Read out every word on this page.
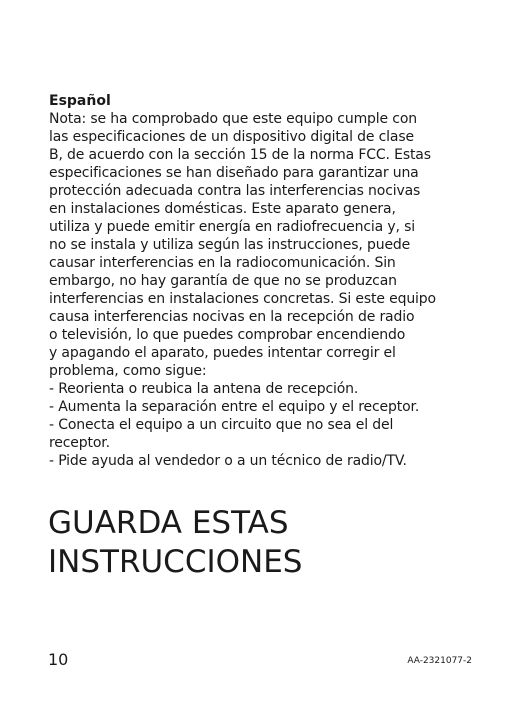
Español
Nota: se ha comprobado que este equipo cumple con
las especificaciones de un dispositivo digital de clase
B, de acuerdo con la sección 15 de la norma FCC. Estas
especificaciones se han diseñado para garantizar una
protección adecuada contra las interferencias nocivas
en instalaciones domésticas. Este aparato genera,
utiliza y puede emitir energía en radiofrecuencia y, si
no se instala y utiliza según las instrucciones, puede
causar interferencias en la radiocomunicación. Sin
embargo, no hay garantía de que no se produzcan
interferencias en instalaciones concretas. Si este equipo
causa interferencias nocivas en la recepción de radio
o televisión, lo que puedes comprobar encendiendo
y apagando el aparato, puedes intentar corregir el
problema, como sigue:
- Reorienta o reubica la antena de recepción.
- Aumenta la separación entre el equipo y el receptor.
- Conecta el equipo a un circuito que no sea el del
receptor.
- Pide ayuda al vendedor o a un técnico de radio/TV.
GUARDA ESTAS
INSTRUCCIONES
10	AA-2321077-2
